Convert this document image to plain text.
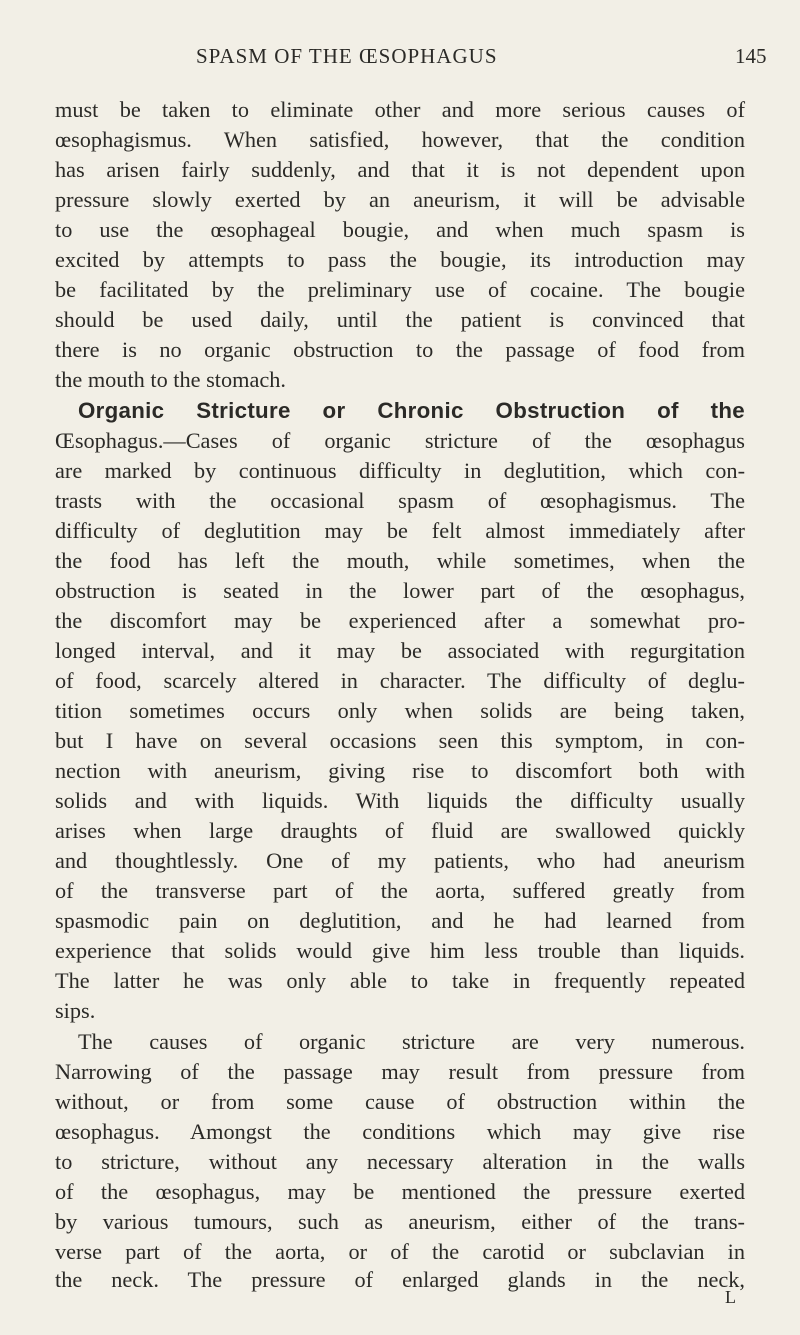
SPASM OF THE ŒSOPHAGUS	145
must be taken to eliminate other and more serious causes of
œsophagismus. When satisfied, however, that the condition
has arisen fairly suddenly, and that it is not dependent upon
pressure slowly exerted by an aneurism, it will be advisable
to use the œsophageal bougie, and when much spasm is
excited by attempts to pass the bougie, its introduction may
be facilitated by the preliminary use of cocaine. The bougie
should be used daily, until the patient is convinced that
there is no organic obstruction to the passage of food from
the mouth to the stomach.
Organic Stricture or Chronic Obstruction of the
Œsophagus.—Cases of organic stricture of the œsophagus
are marked by continuous difficulty in deglutition, which con-
trasts with the occasional spasm of œsophagismus. The
difficulty of deglutition may be felt almost immediately after
the food has left the mouth, while sometimes, when the
obstruction is seated in the lower part of the œsophagus,
the discomfort may be experienced after a somewhat pro-
longed interval, and it may be associated with regurgitation
of food, scarcely altered in character. The difficulty of deglu-
tition sometimes occurs only when solids are being taken,
but I have on several occasions seen this symptom, in con-
nection with aneurism, giving rise to discomfort both with
solids and with liquids. With liquids the difficulty usually
arises when large draughts of fluid are swallowed quickly
and thoughtlessly. One of my patients, who had aneurism
of the transverse part of the aorta, suffered greatly from
spasmodic pain on deglutition, and he had learned from
experience that solids would give him less trouble than liquids.
The latter he was only able to take in frequently repeated
sips.
The causes of organic stricture are very numerous.
Narrowing of the passage may result from pressure from
without, or from some cause of obstruction within the
œsophagus. Amongst the conditions which may give rise
to stricture, without any necessary alteration in the walls
of the œsophagus, may be mentioned the pressure exerted
by various tumours, such as aneurism, either of the trans-
verse part of the aorta, or of the carotid or subclavian in
the neck. The pressure of enlarged glands in the neck,
L
